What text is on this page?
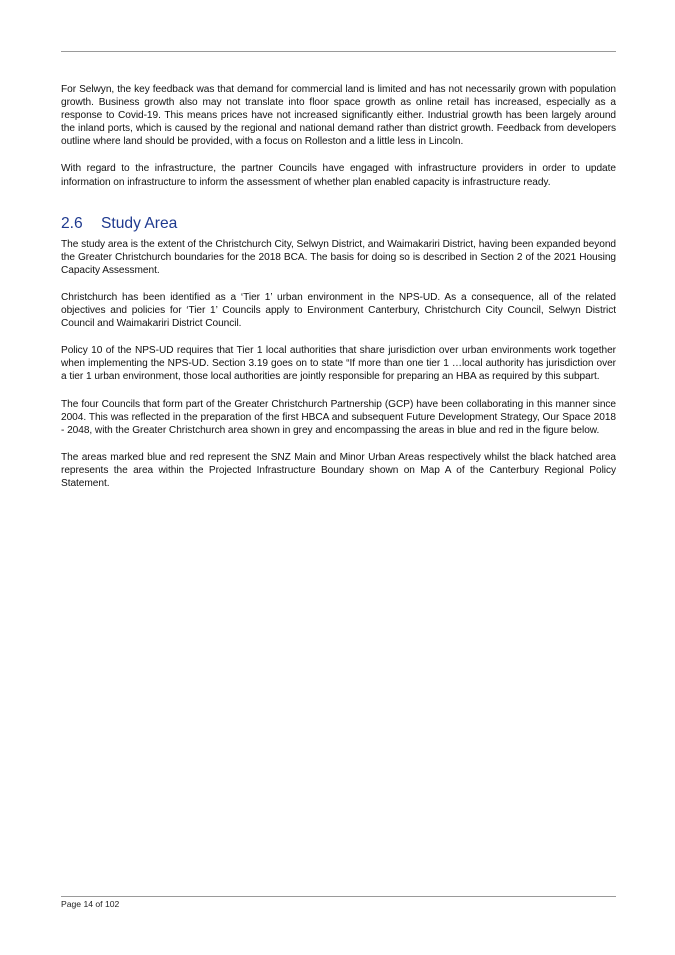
For Selwyn, the key feedback was that demand for commercial land is limited and has not necessarily grown with population growth. Business growth also may not translate into floor space growth as online retail has increased, especially as a response to Covid-19. This means prices have not increased significantly either. Industrial growth has been largely around the inland ports, which is caused by the regional and national demand rather than district growth. Feedback from developers outline where land should be provided, with a focus on Rolleston and a little less in Lincoln.

With regard to the infrastructure, the partner Councils have engaged with infrastructure providers in order to update information on infrastructure to inform the assessment of whether plan enabled capacity is infrastructure ready.

2.6	Study Area

The study area is the extent of the Christchurch City, Selwyn District, and Waimakariri District, having been expanded beyond the Greater Christchurch boundaries for the 2018 BCA. The basis for doing so is described in Section 2 of the 2021 Housing Capacity Assessment.

Christchurch has been identified as a ‘Tier 1’ urban environment in the NPS-UD. As a consequence, all of the related objectives and policies for ‘Tier 1’ Councils apply to Environment Canterbury, Christchurch City Council, Selwyn District Council and Waimakariri District Council.

Policy 10 of the NPS-UD requires that Tier 1 local authorities that share jurisdiction over urban environments work together when implementing the NPS-UD. Section 3.19 goes on to state “If more than one tier 1 …local authority has jurisdiction over a tier 1 urban environment, those local authorities are jointly responsible for preparing an HBA as required by this subpart.

The four Councils that form part of the Greater Christchurch Partnership (GCP) have been collaborating in this manner since 2004. This was reflected in the preparation of the first HBCA and subsequent Future Development Strategy, Our Space 2018 - 2048, with the Greater Christchurch area shown in grey and encompassing the areas in blue and red in the figure below.

The areas marked blue and red represent the SNZ Main and Minor Urban Areas respectively whilst the black hatched area represents the area within the Projected Infrastructure Boundary shown on Map A of the Canterbury Regional Policy Statement.

Page 14 of 102
